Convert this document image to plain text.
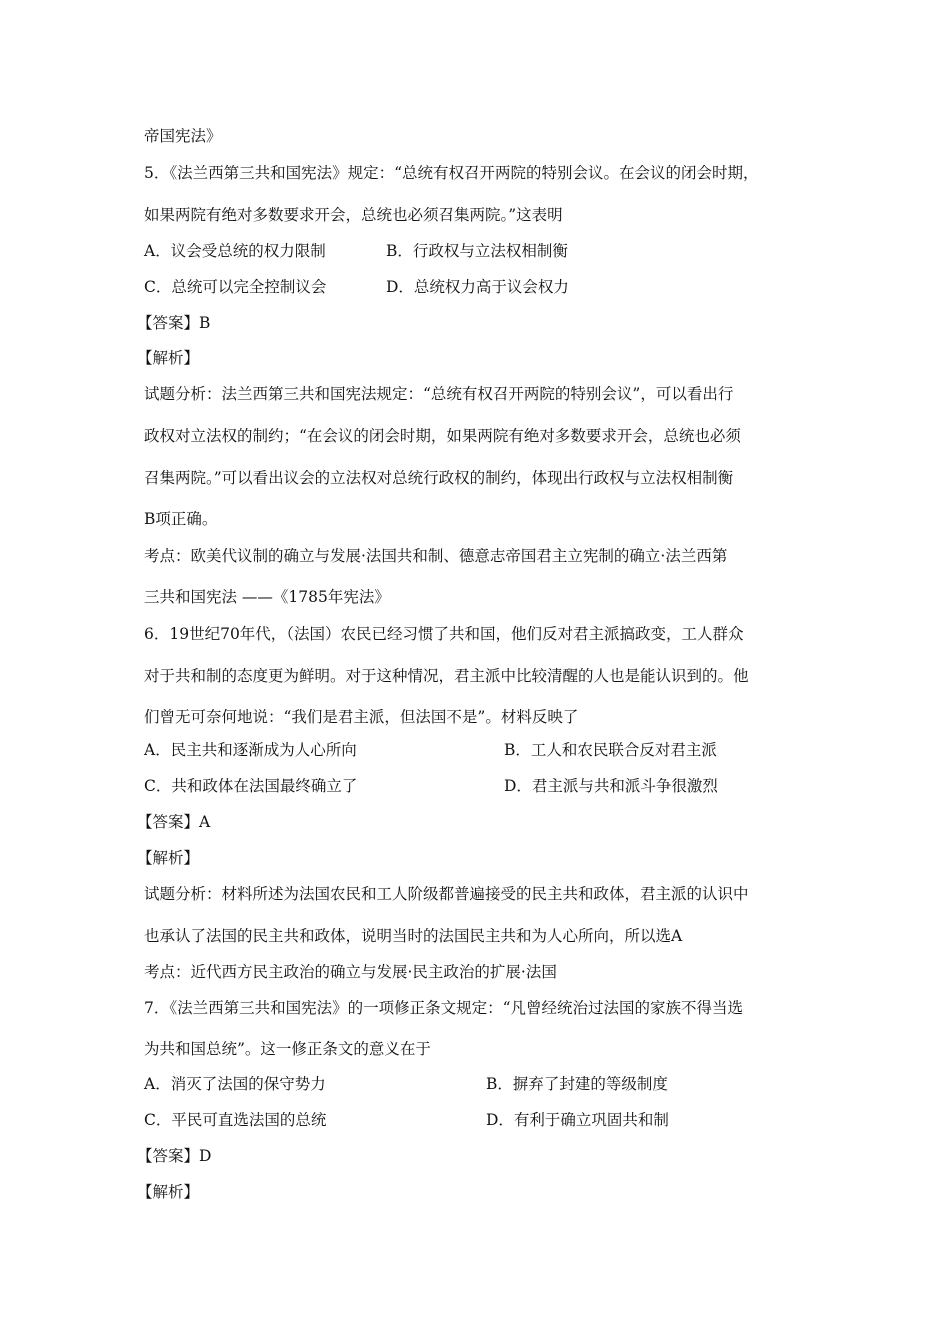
帝国宪法》
5．《法兰西第三共和国宪法》规定：“总统有权召开两院的特别会议。在会议的闭会时期，
如果两院有绝对多数要求开会，总统也必须召集两院。”这表明
A．议会受总统的权力限制	B．行政权与立法权相制衡
C．总统可以完全控制议会	D．总统权力高于议会权力
【答案】B
【解析】
试题分析：法兰西第三共和国宪法规定：“总统有权召开两院的特别会议”，可以看出行
政权对立法权的制约；“在会议的闭会时期，如果两院有绝对多数要求开会，总统也必须
召集两院。”可以看出议会的立法权对总统行政权的制约，体现出行政权与立法权相制衡
B项正确。
考点：欧美代议制的确立与发展·法国共和制、德意志帝国君主立宪制的确立·法兰西第
三共和国宪法 ——《1785年宪法》
6．19世纪70年代，（法国）农民已经习惯了共和国，他们反对君主派搞政变，工人群众
对于共和制的态度更为鲜明。对于这种情况，君主派中比较清醒的人也是能认识到的。他
们曾无可奈何地说：“我们是君主派，但法国不是”。材料反映了
A．民主共和逐渐成为人心所向	B．工人和农民联合反对君主派
C．共和政体在法国最终确立了	D．君主派与共和派斗争很激烈
【答案】A
【解析】
试题分析：材料所述为法国农民和工人阶级都普遍接受的民主共和政体，君主派的认识中
也承认了法国的民主共和政体，说明当时的法国民主共和为人心所向，所以选A
考点：近代西方民主政治的确立与发展·民主政治的扩展·法国
7．《法兰西第三共和国宪法》的一项修正条文规定：“凡曾经统治过法国的家族不得当选
为共和国总统”。这一修正条文的意义在于
A．消灭了法国的保守势力	B．摒弃了封建的等级制度
C．平民可直选法国的总统	D．有利于确立巩固共和制
【答案】D
【解析】
